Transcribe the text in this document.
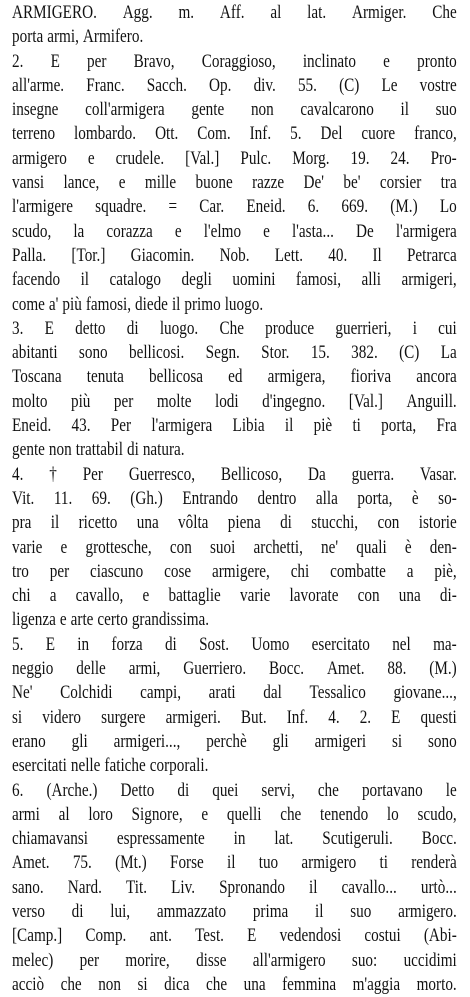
ARMIGERO. Agg. m. Aff. al lat. Armiger. Che
porta armi, Armifero.
2. E per Bravo, Coraggioso, inclinato e pronto
all'arme. Franc. Sacch. Op. div. 55. (C) Le vostre
insegne coll'armigera gente non cavalcarono il suo
terreno lombardo. Ott. Com. Inf. 5. Del cuore franco,
armigero e crudele. [Val.] Pulc. Morg. 19. 24. Pro-
vansi lance, e mille buone razze De' be' corsier tra
l'armigere squadre. = Car. Eneid. 6. 669. (M.) Lo
scudo, la corazza e l'elmo e l'asta... De l'armigera
Palla. [Tor.] Giacomin. Nob. Lett. 40. Il Petrarca
facendo il catalogo degli uomini famosi, alli armigeri,
come a' più famosi, diede il primo luogo.
3. E detto di luogo. Che produce guerrieri, i cui
abitanti sono bellicosi. Segn. Stor. 15. 382. (C) La
Toscana tenuta bellicosa ed armigera, fioriva ancora
molto più per molte lodi d'ingegno. [Val.] Anguill.
Eneid. 43. Per l'armigera Libia il piè ti porta, Fra
gente non trattabil di natura.
4. † Per Guerresco, Bellicoso, Da guerra. Vasar.
Vit. 11. 69. (Gh.) Entrando dentro alla porta, è so-
pra il ricetto una vôlta piena di stucchi, con istorie
varie e grottesche, con suoi archetti, ne' quali è den-
tro per ciascuno cose armigere, chi combatte a piè,
chi a cavallo, e battaglie varie lavorate con una di-
ligenza e arte certo grandissima.
5. E in forza di Sost. Uomo esercitato nel ma-
neggio delle armi, Guerriero. Bocc. Amet. 88. (M.)
Ne' Colchidi campi, arati dal Tessalico giovane...,
si videro surgere armigeri. But. Inf. 4. 2. E questi
erano gli armigeri..., perchè gli armigeri si sono
esercitati nelle fatiche corporali.
6. (Arche.) Detto di quei servi, che portavano le
armi al loro Signore, e quelli che tenendo lo scudo,
chiamavansi espressamente in lat. Scutigeruli. Bocc.
Amet. 75. (Mt.) Forse il tuo armigero ti renderà
sano. Nard. Tit. Liv. Spronando il cavallo... urtò...
verso di lui, ammazzato prima il suo armigero.
[Camp.] Comp. ant. Test. E vedendosi costui (Abi-
melec) per morire, disse all'armigero suo: uccidimi
acciò che non si dica che una femmina m'aggia morto.
